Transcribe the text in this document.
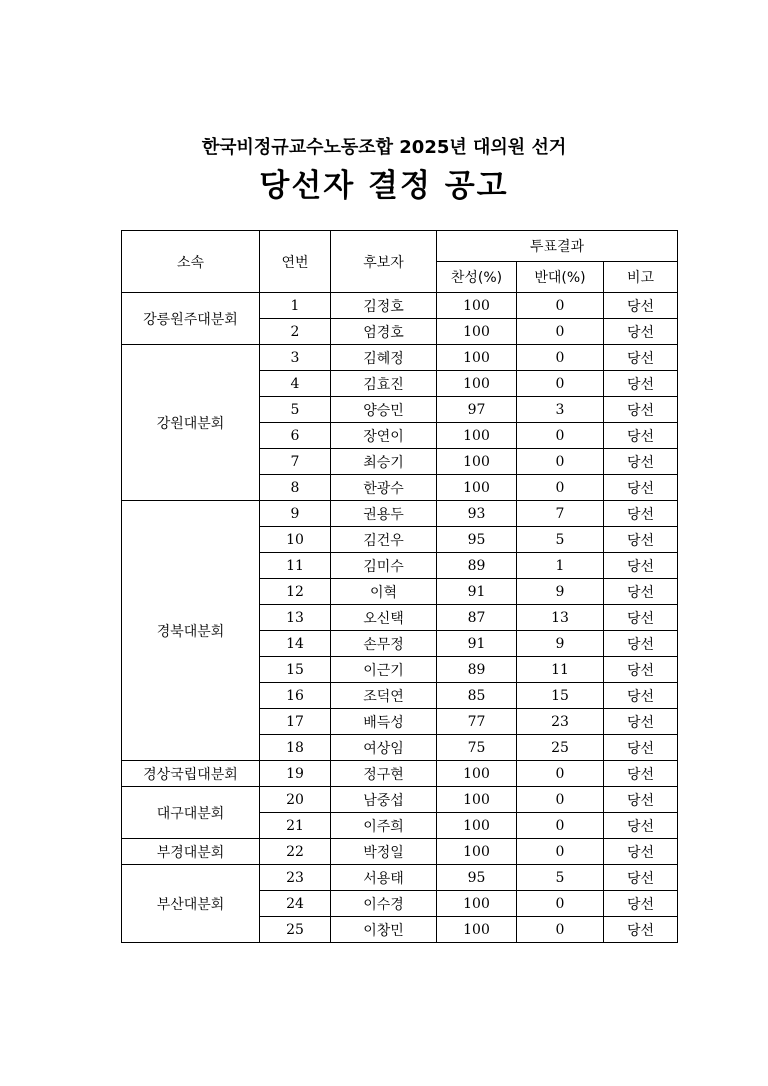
한국비정규교수노동조합 2025년 대의원 선거
당선자 결정 공고
소속	연번	후보자	투표결과		
			찬성(%)	반대(%)	비고
강릉원주대분회	1	김정호	100	0	당선
	2	엄경호	100	0	당선
강원대분회	3	김혜정	100	0	당선
	4	김효진	100	0	당선
	5	양승민	97	3	당선
	6	장연이	100	0	당선
	7	최승기	100	0	당선
	8	한광수	100	0	당선
경북대분회	9	권용두	93	7	당선
	10	김건우	95	5	당선
	11	김미수	89	1	당선
	12	이혁	91	9	당선
	13	오신택	87	13	당선
	14	손무정	91	9	당선
	15	이근기	89	11	당선
	16	조덕연	85	15	당선
	17	배득성	77	23	당선
	18	여상임	75	25	당선
경상국립대분회	19	정구현	100	0	당선
대구대분회	20	남중섭	100	0	당선
	21	이주희	100	0	당선
부경대분회	22	박정일	100	0	당선
부산대분회	23	서용태	95	5	당선
	24	이수경	100	0	당선
	25	이창민	100	0	당선
